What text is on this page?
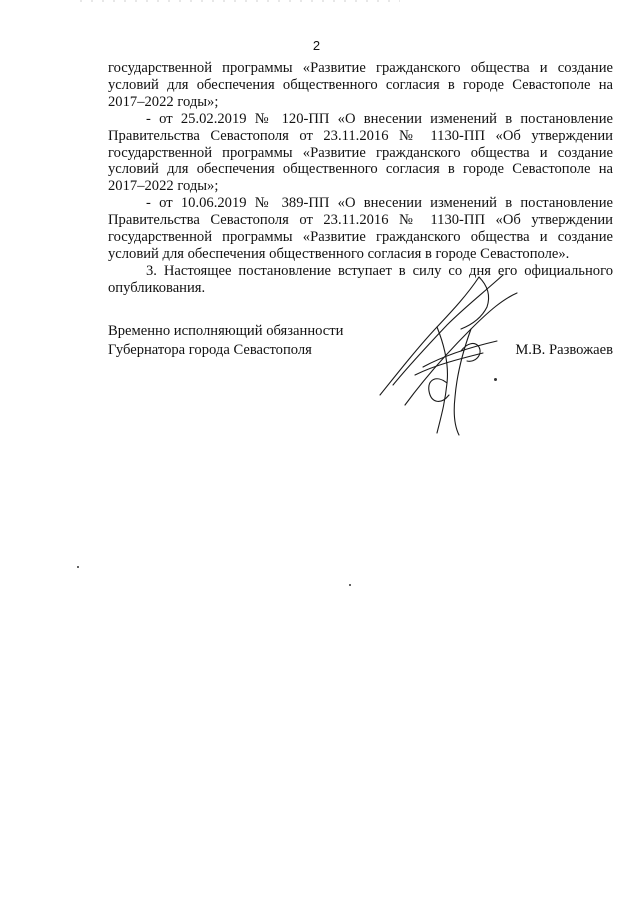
2

государственной программы «Развитие гражданского общества и создание условий для обеспечения общественного согласия в городе Севастополе на 2017–2022 годы»;

- от 25.02.2019 № 120-ПП «О внесении изменений в постановление Правительства Севастополя от 23.11.2016 № 1130-ПП «Об утверждении государственной программы «Развитие гражданского общества и создание условий для обеспечения общественного согласия в городе Севастополе на 2017–2022 годы»;

- от 10.06.2019 № 389-ПП «О внесении изменений в постановление Правительства Севастополя от 23.11.2016 № 1130-ПП «Об утверждении государственной программы «Развитие гражданского общества и создание условий для обеспечения общественного согласия в городе Севастополе».

3. Настоящее постановление вступает в силу со дня его официального опубликования.

Временно исполняющий обязанности
Губернатора города Севастополя	М.В. Развожаев
